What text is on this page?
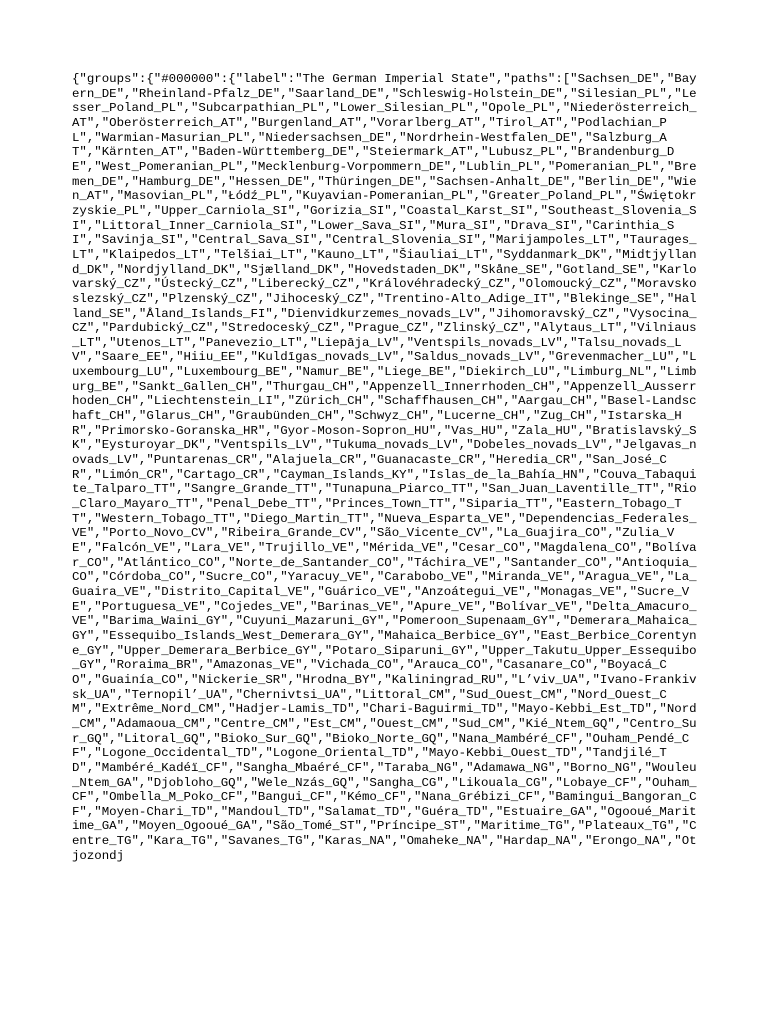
{"groups":{"#000000":{"label":"The German Imperial State","paths":["Sachsen_DE","Bayern_DE","Rheinland-Pfalz_DE","Saarland_DE","Schleswig-Holstein_DE","Silesian_PL","Lesser_Poland_PL","Subcarpathian_PL","Lower_Silesian_PL","Opole_PL","Niederösterreich_AT","Oberösterreich_AT","Burgenland_AT","Vorarlberg_AT","Tirol_AT","Podlachian_PL","Warmian-Masurian_PL","Niedersachsen_DE","Nordrhein-Westfalen_DE","Salzburg_AT","Kärnten_AT","Baden-Württemberg_DE","Steiermark_AT","Lubusz_PL","Brandenburg_DE","West_Pomeranian_PL","Mecklenburg-Vorpommern_DE","Lublin_PL","Pomeranian_PL","Bremen_DE","Hamburg_DE","Hessen_DE","Thüringen_DE","Sachsen-Anhalt_DE","Berlin_DE","Wien_AT","Masovian_PL","Łódź_PL","Kuyavian-Pomeranian_PL","Greater_Poland_PL","Świętokrzyskie_PL","Upper_Carniola_SI","Gorizia_SI","Coastal_Karst_SI","Southeast_Slovenia_SI","Littoral_Inner_Carniola_SI","Lower_Sava_SI","Mura_SI","Drava_SI","Carinthia_SI","Savinja_SI","Central_Sava_SI","Central_Slovenia_SI","Marijampoles_LT","Taurages_LT","Klaipedos_LT","Telšiai_LT","Kauno_LT","Šiauliai_LT","Syddanmark_DK","Midtjylland_DK","Nordjylland_DK","Sjælland_DK","Hovedstaden_DK","Skåne_SE","Gotland_SE","Karlovarský_CZ","Ústecký_CZ","Liberecký_CZ","Královéhradecký_CZ","Olomoucký_CZ","Moravskoslezský_CZ","Plzenský_CZ","Jihoceský_CZ","Trentino-Alto_Adige_IT","Blekinge_SE","Halland_SE","Åland_Islands_FI","Dienvidkurzemes_novads_LV","Jihomoravský_CZ","Vysocina_CZ","Pardubický_CZ","Stredoceský_CZ","Prague_CZ","Zlinský_CZ","Alytaus_LT","Vilniaus_LT","Utenos_LT","Panevezio_LT","Liepāja_LV","Ventspils_novads_LV","Talsu_novads_LV","Saare_EE","Hiiu_EE","Kuldīgas_novads_LV","Saldus_novads_LV","Grevenmacher_LU","Luxembourg_LU","Luxembourg_BE","Namur_BE","Liege_BE","Diekirch_LU","Limburg_NL","Limburg_BE","Sankt_Gallen_CH","Thurgau_CH","Appenzell_Innerrhoden_CH","Appenzell_Ausserrhoden_CH","Liechtenstein_LI","Zürich_CH","Schaffhausen_CH","Aargau_CH","Basel-Landschaft_CH","Glarus_CH","Graubünden_CH","Schwyz_CH","Lucerne_CH","Zug_CH","Istarska_HR","Primorsko-Goranska_HR","Gyor-Moson-Sopron_HU","Vas_HU","Zala_HU","Bratislavský_SK","Eysturoyar_DK","Ventspils_LV","Tukuma_novads_LV","Dobeles_novads_LV","Jelgavas_novads_LV","Puntarenas_CR","Alajuela_CR","Guanacaste_CR","Heredia_CR","San_José_CR","Limón_CR","Cartago_CR","Cayman_Islands_KY","Islas_de_la_Bahía_HN","Couva_Tabaquite_Talparo_TT","Sangre_Grande_TT","Tunapuna_Piarco_TT","San_Juan_Laventille_TT","Rio_Claro_Mayaro_TT","Penal_Debe_TT","Princes_Town_TT","Siparia_TT","Eastern_Tobago_TT","Western_Tobago_TT","Diego_Martin_TT","Nueva_Esparta_VE","Dependencias_Federales_VE","Porto_Novo_CV","Ribeira_Grande_CV","São_Vicente_CV","La_Guajira_CO","Zulia_VE","Falcón_VE","Lara_VE","Trujillo_VE","Mérida_VE","Cesar_CO","Magdalena_CO","Bolívar_CO","Atlántico_CO","Norte_de_Santander_CO","Táchira_VE","Santander_CO","Antioquia_CO","Córdoba_CO","Sucre_CO","Yaracuy_VE","Carabobo_VE","Miranda_VE","Aragua_VE","La_Guaira_VE","Distrito_Capital_VE","Guárico_VE","Anzoátegui_VE","Monagas_VE","Sucre_VE","Portuguesa_VE","Cojedes_VE","Barinas_VE","Apure_VE","Bolívar_VE","Delta_Amacuro_VE","Barima_Waini_GY","Cuyuni_Mazaruni_GY","Pomeroon_Supenaam_GY","Demerara_Mahaica_GY","Essequibo_Islands_West_Demerara_GY","Mahaica_Berbice_GY","East_Berbice_Corentyne_GY","Upper_Demerara_Berbice_GY","Potaro_Siparuni_GY","Upper_Takutu_Upper_Essequibo_GY","Roraima_BR","Amazonas_VE","Vichada_CO","Arauca_CO","Casanare_CO","Boyacá_CO","Guainía_CO","Nickerie_SR","Hrodna_BY","Kaliningrad_RU","L’viv_UA","Ivano-Frankivsk_UA","Ternopil’_UA","Chernivtsi_UA","Littoral_CM","Sud_Ouest_CM","Nord_Ouest_CM","Extrême_Nord_CM","Hadjer-Lamis_TD","Chari-Baguirmi_TD","Mayo-Kebbi_Est_TD","Nord_CM","Adamaoua_CM","Centre_CM","Est_CM","Ouest_CM","Sud_CM","Kié_Ntem_GQ","Centro_Sur_GQ","Litoral_GQ","Bioko_Sur_GQ","Bioko_Norte_GQ","Nana_Mambéré_CF","Ouham_Pendé_CF","Logone_Occidental_TD","Logone_Oriental_TD","Mayo-Kebbi_Ouest_TD","Tandjilé_TD","Mambéré_Kadéï_CF","Sangha_Mbaéré_CF","Taraba_NG","Adamawa_NG","Borno_NG","Wouleu_Ntem_GA","Djobloho_GQ","Wele_Nzás_GQ","Sangha_CG","Likouala_CG","Lobaye_CF","Ouham_CF","Ombella_M_Poko_CF","Bangui_CF","Kémo_CF","Nana_Grébizi_CF","Bamingui_Bangoran_CF","Moyen-Chari_TD","Mandoul_TD","Salamat_TD","Guéra_TD","Estuaire_GA","Ogooué_Maritime_GA","Moyen_Ogooué_GA","São_Tomé_ST","Príncipe_ST","Maritime_TG","Plateaux_TG","Centre_TG","Kara_TG","Savanes_TG","Karas_NA","Omaheke_NA","Hardap_NA","Erongo_NA","Otjozondj
